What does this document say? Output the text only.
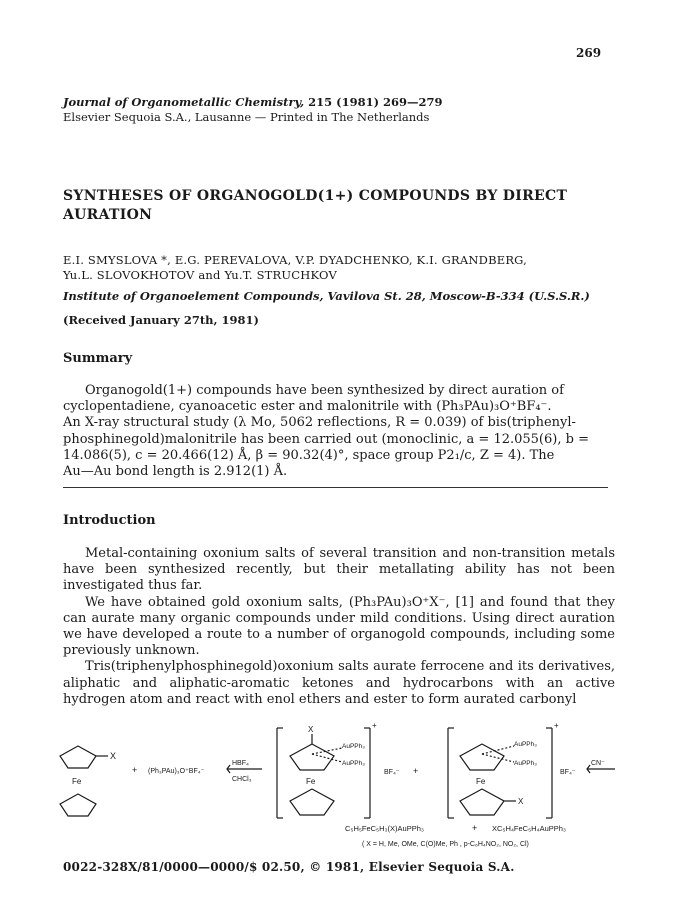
269
Journal of Organometallic Chemistry, 215 (1981) 269—279
Elsevier Sequoia S.A., Lausanne — Printed in The Netherlands
SYNTHESES OF ORGANOGOLD(1+) COMPOUNDS BY DIRECT
AURATION
E.I. SMYSLOVA *, E.G. PEREVALOVA, V.P. DYADCHENKO, K.I. GRANDBERG,
Yu.L. SLOVOKHOTOV and Yu.T. STRUCHKOV
Institute of Organoelement Compounds, Vavilova St. 28, Moscow-B-334 (U.S.S.R.)
(Received January 27th, 1981)
Summary
Organogold(1+) compounds have been synthesized by direct auration of
cyclopentadiene, cyanoacetic ester and malonitrile with (Ph₃PAu)₃O⁺BF₄⁻.
An X-ray structural study (λ Mo, 5062 reflections, R = 0.039) of bis(triphenyl-
phosphinegold)malonitrile has been carried out (monoclinic, a = 12.055(6), b =
14.086(5), c = 20.466(12) Å, β = 90.32(4)°, space group P2₁/c, Z = 4). The
Au—Au bond length is 2.912(1) Å.
Introduction

Metal-containing oxonium salts of several transition and non-transition metals have been synthesized recently, but their metallating ability has not been investigated thus far.

We have obtained gold oxonium salts, (Ph₃PAu)₃O⁺X⁻, [1] and found that they can aurate many organic compounds under mild conditions. Using direct auration we have developed a route to a number of organogold compounds, including some previously unknown.

Tris(triphenylphosphinegold)oxonium salts aurate ferrocene and its derivatives, aliphatic and aliphatic-aromatic ketones and hydrocarbons with an active hydrogen atom and react with enol ethers and ester to form aurated carbonyl

X
Fe
+ (Ph₃PAu)₃O⁺BF₄⁻
HBF₄
CHCl₃
X
AuPPh₃
AuPPh₃
Fe
+
BF₄⁻ +
AuPPh₃
AuPPh₃
Fe
X
+
BF₄⁻
CN⁻
C₅H₅FeC₅H₃(X)AuPPh₃	+ XC₅H₄FeC₅H₄AuPPh₃
( X = H, Me, OMe, C(O)Me, Ph , p-C₆H₄NO₂, NO₂, Cl)
0022-328X/81/0000—0000/$ 02.50, © 1981, Elsevier Sequoia S.A.
